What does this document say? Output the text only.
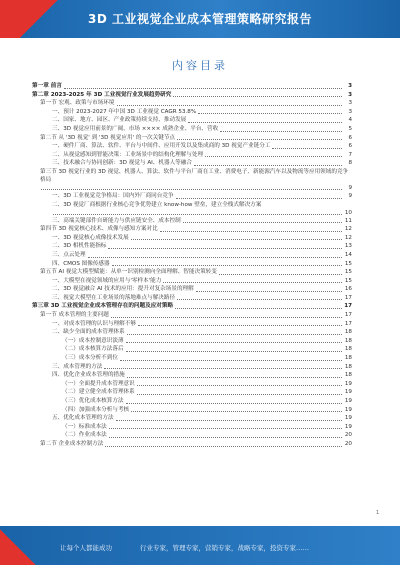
3D 工业视觉企业成本管理策略研究报告
内容目录
第一章 前言	3
第二章 2023-2025 年 3D 工业视觉行业发展趋势研究	3
第一节 宏观、政策与市场环境	3
一、预计 2023-2027 年中国 3D 工业视觉 CAGR 53.8%	3
二、国家、地方、园区、产业政策持续支持、推动发展	4
三、3D 视觉应用前景的广阔，市场 ×××× 成熟企业、平台、营收	5
第二节 从 '3D 视觉' 到 '3D 视觉应用' 的一次关键节点	6
一、硬件厂商、算法、软件、平台与中间件、应用开发以及集成商的 3D 视觉产业链分工	6
二、从视觉感知到智能决策：工业场景中的结构化理解与处理	7
三、技术融合与协同创新：3D 视觉与 AI、机器人等融合	8
第三节 3D 视觉行业的 3D 视觉、机器人、算法、软件与平台厂商在工业、消费电子、新能源汽车以及物流等应用领域的竞争格局
9
一、3D 工业视觉竞争格局：国内外厂商同台竞争	9
二、3D 视觉厂商根据行业核心竞争优势建立 know-how 壁垒，建立全栈式解决方案
10
三、高端关键部件自研能力与供应链安全、成本控制	11
第四节 3D 视觉核心技术、成像与感知方案对比	12
一、3D 视觉核心成像技术发展	12
二、3D 相机性能指标	13
三、点云处理	14
四、CMOS 图像传感器	15
第五节 AI 视觉大模型赋能：从单一识别检测向全面理解、智能决策转变	15
一、大模型在视觉领域的应用与'零样本'能力	15
二、3D 视觉融合 AI 技术的应用：提升对复杂场景的理解	16
三、视觉大模型在工业场景的落地难点与解决路径	17
第三章 3D 工业视觉企业成本管理存在的问题及应对策略	17
第一节 成本管理的主要问题	17
一、对成本管理的认识与理解不够	17
二、缺少全面的成本管理体系	18
（一）成本控制意识淡薄	18
（二）成本核算方法落后	18
（三）成本分析不到位	18
三、成本管理的方法	18
四、优化企业成本管理的措施	18
（一）全面提升成本管理意识	19
（二）建立健全成本管理体系	19
（三）优化成本核算方法	19
（四）加强成本分析与考核	19
五、优化成本管理的方法	19
（一）标准成本法	19
（二）作业成本法	20
第二节 企业成本控制方法	20
1
让每个人都能成功	行业专家，管理专家，营销专家，战略专家，投资专家……
